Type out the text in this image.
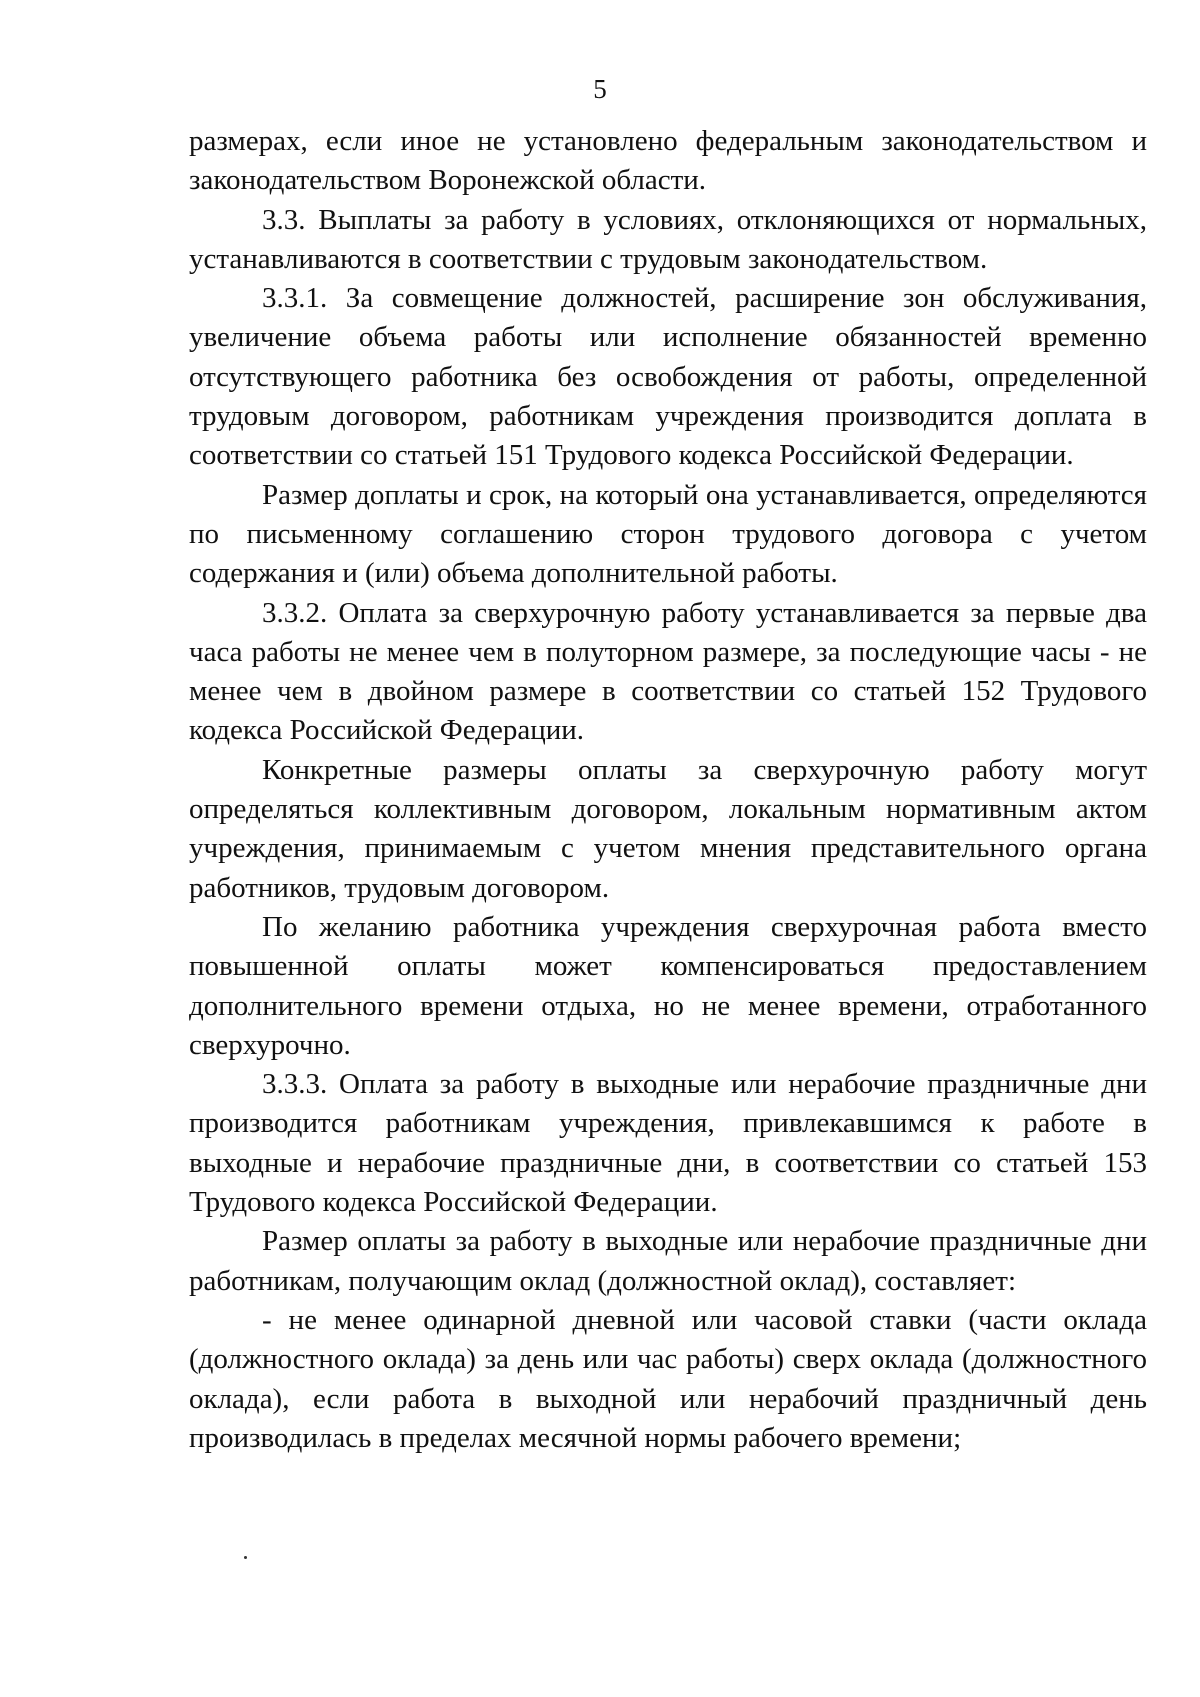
5

размерах, если иное не установлено федеральным законодательством и законодательством Воронежской области.

3.3. Выплаты за работу в условиях, отклоняющихся от нормальных, устанавливаются в соответствии с трудовым законодательством.

3.3.1. За совмещение должностей, расширение зон обслуживания, увеличение объема работы или исполнение обязанностей временно отсутствующего работника без освобождения от работы, определенной трудовым договором, работникам учреждения производится доплата в соответствии со статьей 151 Трудового кодекса Российской Федерации.

Размер доплаты и срок, на который она устанавливается, определяются по письменному соглашению сторон трудового договора с учетом содержания и (или) объема дополнительной работы.

3.3.2. Оплата за сверхурочную работу устанавливается за первые два часа работы не менее чем в полуторном размере, за последующие часы - не менее чем в двойном размере в соответствии со статьей 152 Трудового кодекса Российской Федерации.

Конкретные размеры оплаты за сверхурочную работу могут определяться коллективным договором, локальным нормативным актом учреждения, принимаемым с учетом мнения представительного органа работников, трудовым договором.

По желанию работника учреждения сверхурочная работа вместо повышенной оплаты может компенсироваться предоставлением дополнительного времени отдыха, но не менее времени, отработанного сверхурочно.

3.3.3. Оплата за работу в выходные или нерабочие праздничные дни производится работникам учреждения, привлекавшимся к работе в выходные и нерабочие праздничные дни, в соответствии со статьей 153 Трудового кодекса Российской Федерации.

Размер оплаты за работу в выходные или нерабочие праздничные дни работникам, получающим оклад (должностной оклад), составляет:

- не менее одинарной дневной или часовой ставки (части оклада (должностного оклада) за день или час работы) сверх оклада (должностного оклада), если работа в выходной или нерабочий праздничный день производилась в пределах месячной нормы рабочего времени;
